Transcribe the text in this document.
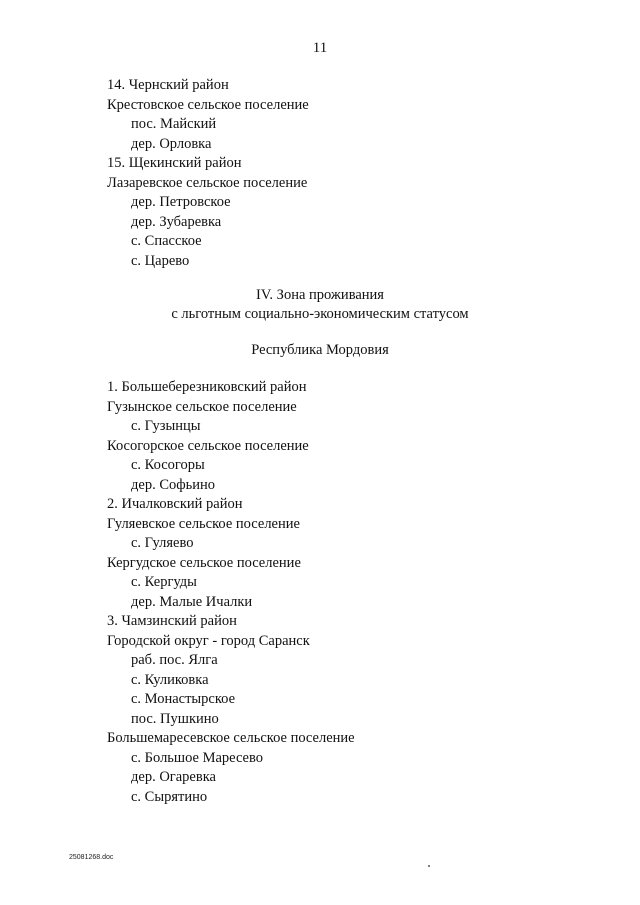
11
14. Чернский район
Крестовское сельское поселение
пос. Майский
дер. Орловка
15. Щекинский район
Лазаревское сельское поселение
дер. Петровское
дер. Зубаревка
с. Спасское
с. Царево
IV. Зона проживания
с льготным социально-экономическим статусом
Республика Мордовия
1. Большеберезниковский район
Гузынское сельское поселение
с. Гузынцы
Косогорское сельское поселение
с. Косогоры
дер. Софьино
2. Ичалковский район
Гуляевское сельское поселение
с. Гуляево
Кергудское сельское поселение
с. Кергуды
дер. Малые Ичалки
3. Чамзинский район
Городской округ - город Саранск
раб. пос. Ялга
с. Куликовка
с. Монастырское
пос. Пушкино
Большемаресевское сельское поселение
с. Большое Маресево
дер. Огаревка
с. Сырятино
25081268.doc
